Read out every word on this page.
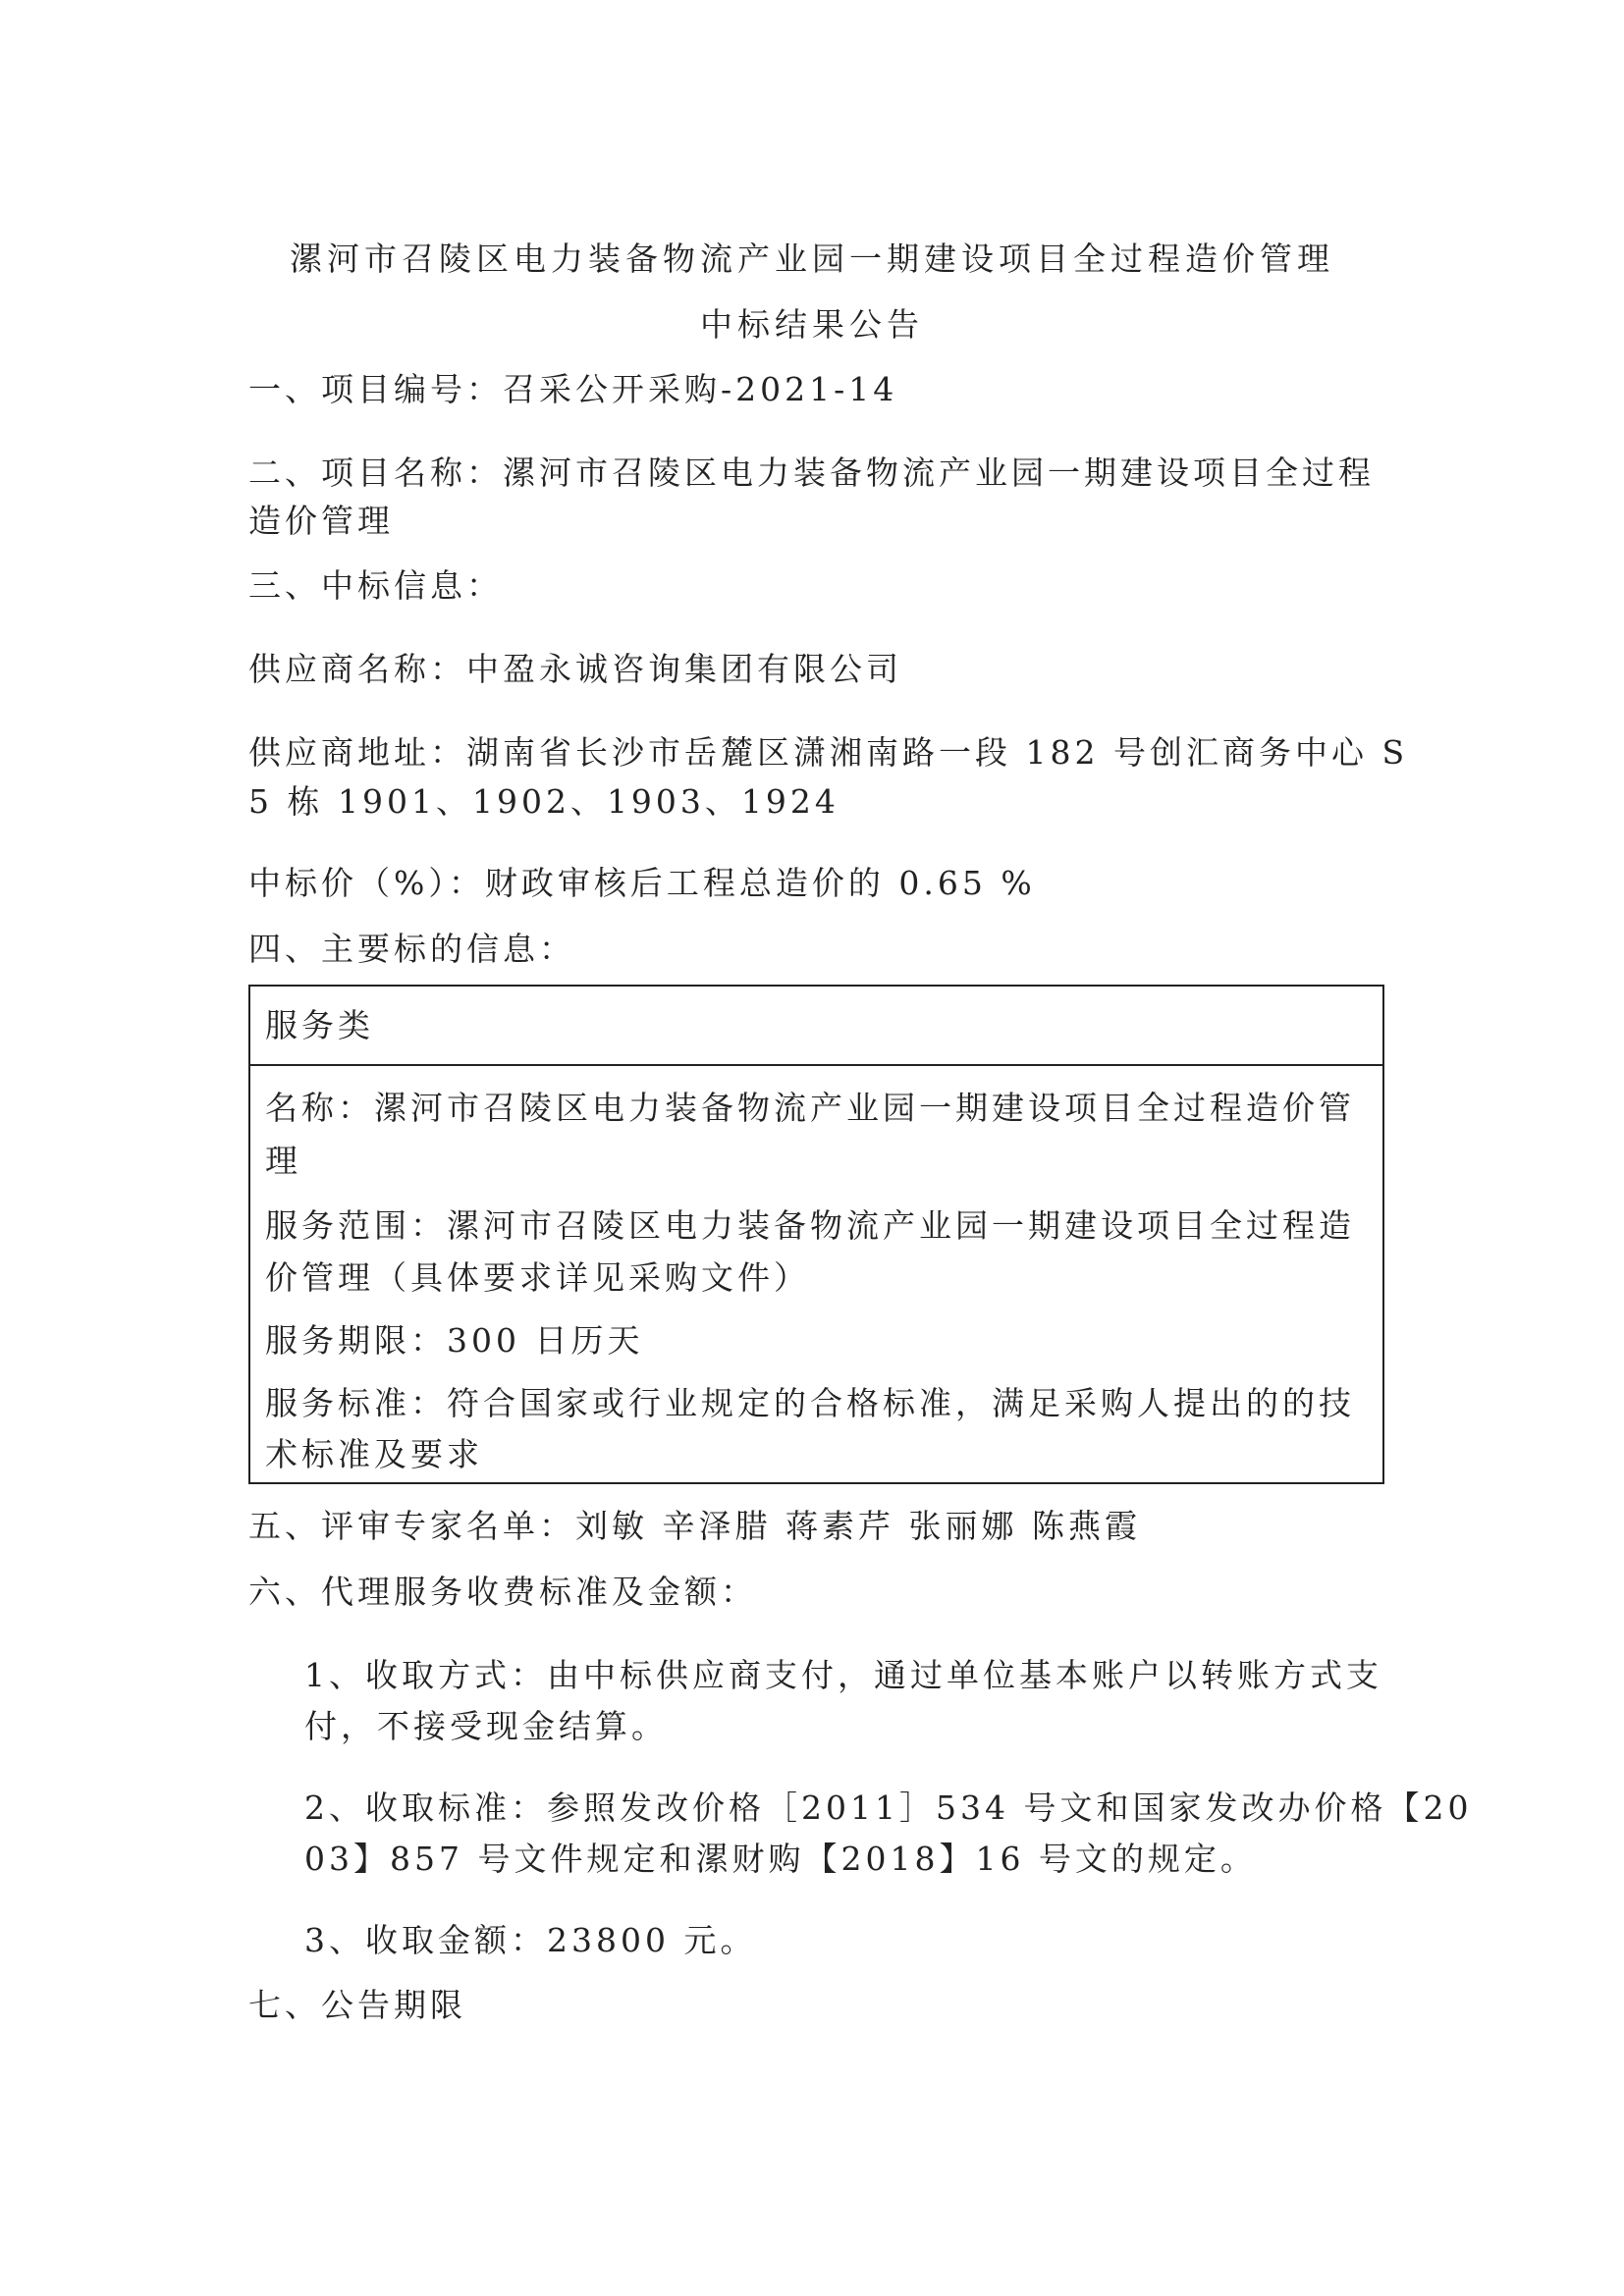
漯河市召陵区电力装备物流产业园一期建设项目全过程造价管理

中标结果公告

一、项目编号：召采公开采购-2021-14

二、项目名称：漯河市召陵区电力装备物流产业园一期建设项目全过程

造价管理

三、中标信息：

供应商名称：中盈永诚咨询集团有限公司

供应商地址：湖南省长沙市岳麓区潇湘南路一段 182 号创汇商务中心 S

5 栋 1901、1902、1903、1924

中标价（%）：财政审核后工程总造价的 0.65 %

四、主要标的信息：

服务类

名称：漯河市召陵区电力装备物流产业园一期建设项目全过程造价管

理

服务范围：漯河市召陵区电力装备物流产业园一期建设项目全过程造

价管理（具体要求详见采购文件）

服务期限：300 日历天

服务标准：符合国家或行业规定的合格标准，满足采购人提出的的技

术标准及要求

五、评审专家名单：刘敏 辛泽腊 蒋素芹 张丽娜 陈燕霞

六、代理服务收费标准及金额：

1、收取方式：由中标供应商支付，通过单位基本账户以转账方式支

付，不接受现金结算。

2、收取标准：参照发改价格［2011］534 号文和国家发改办价格【20

03】857 号文件规定和漯财购【2018】16 号文的规定。

3、收取金额：23800 元。

七、公告期限
